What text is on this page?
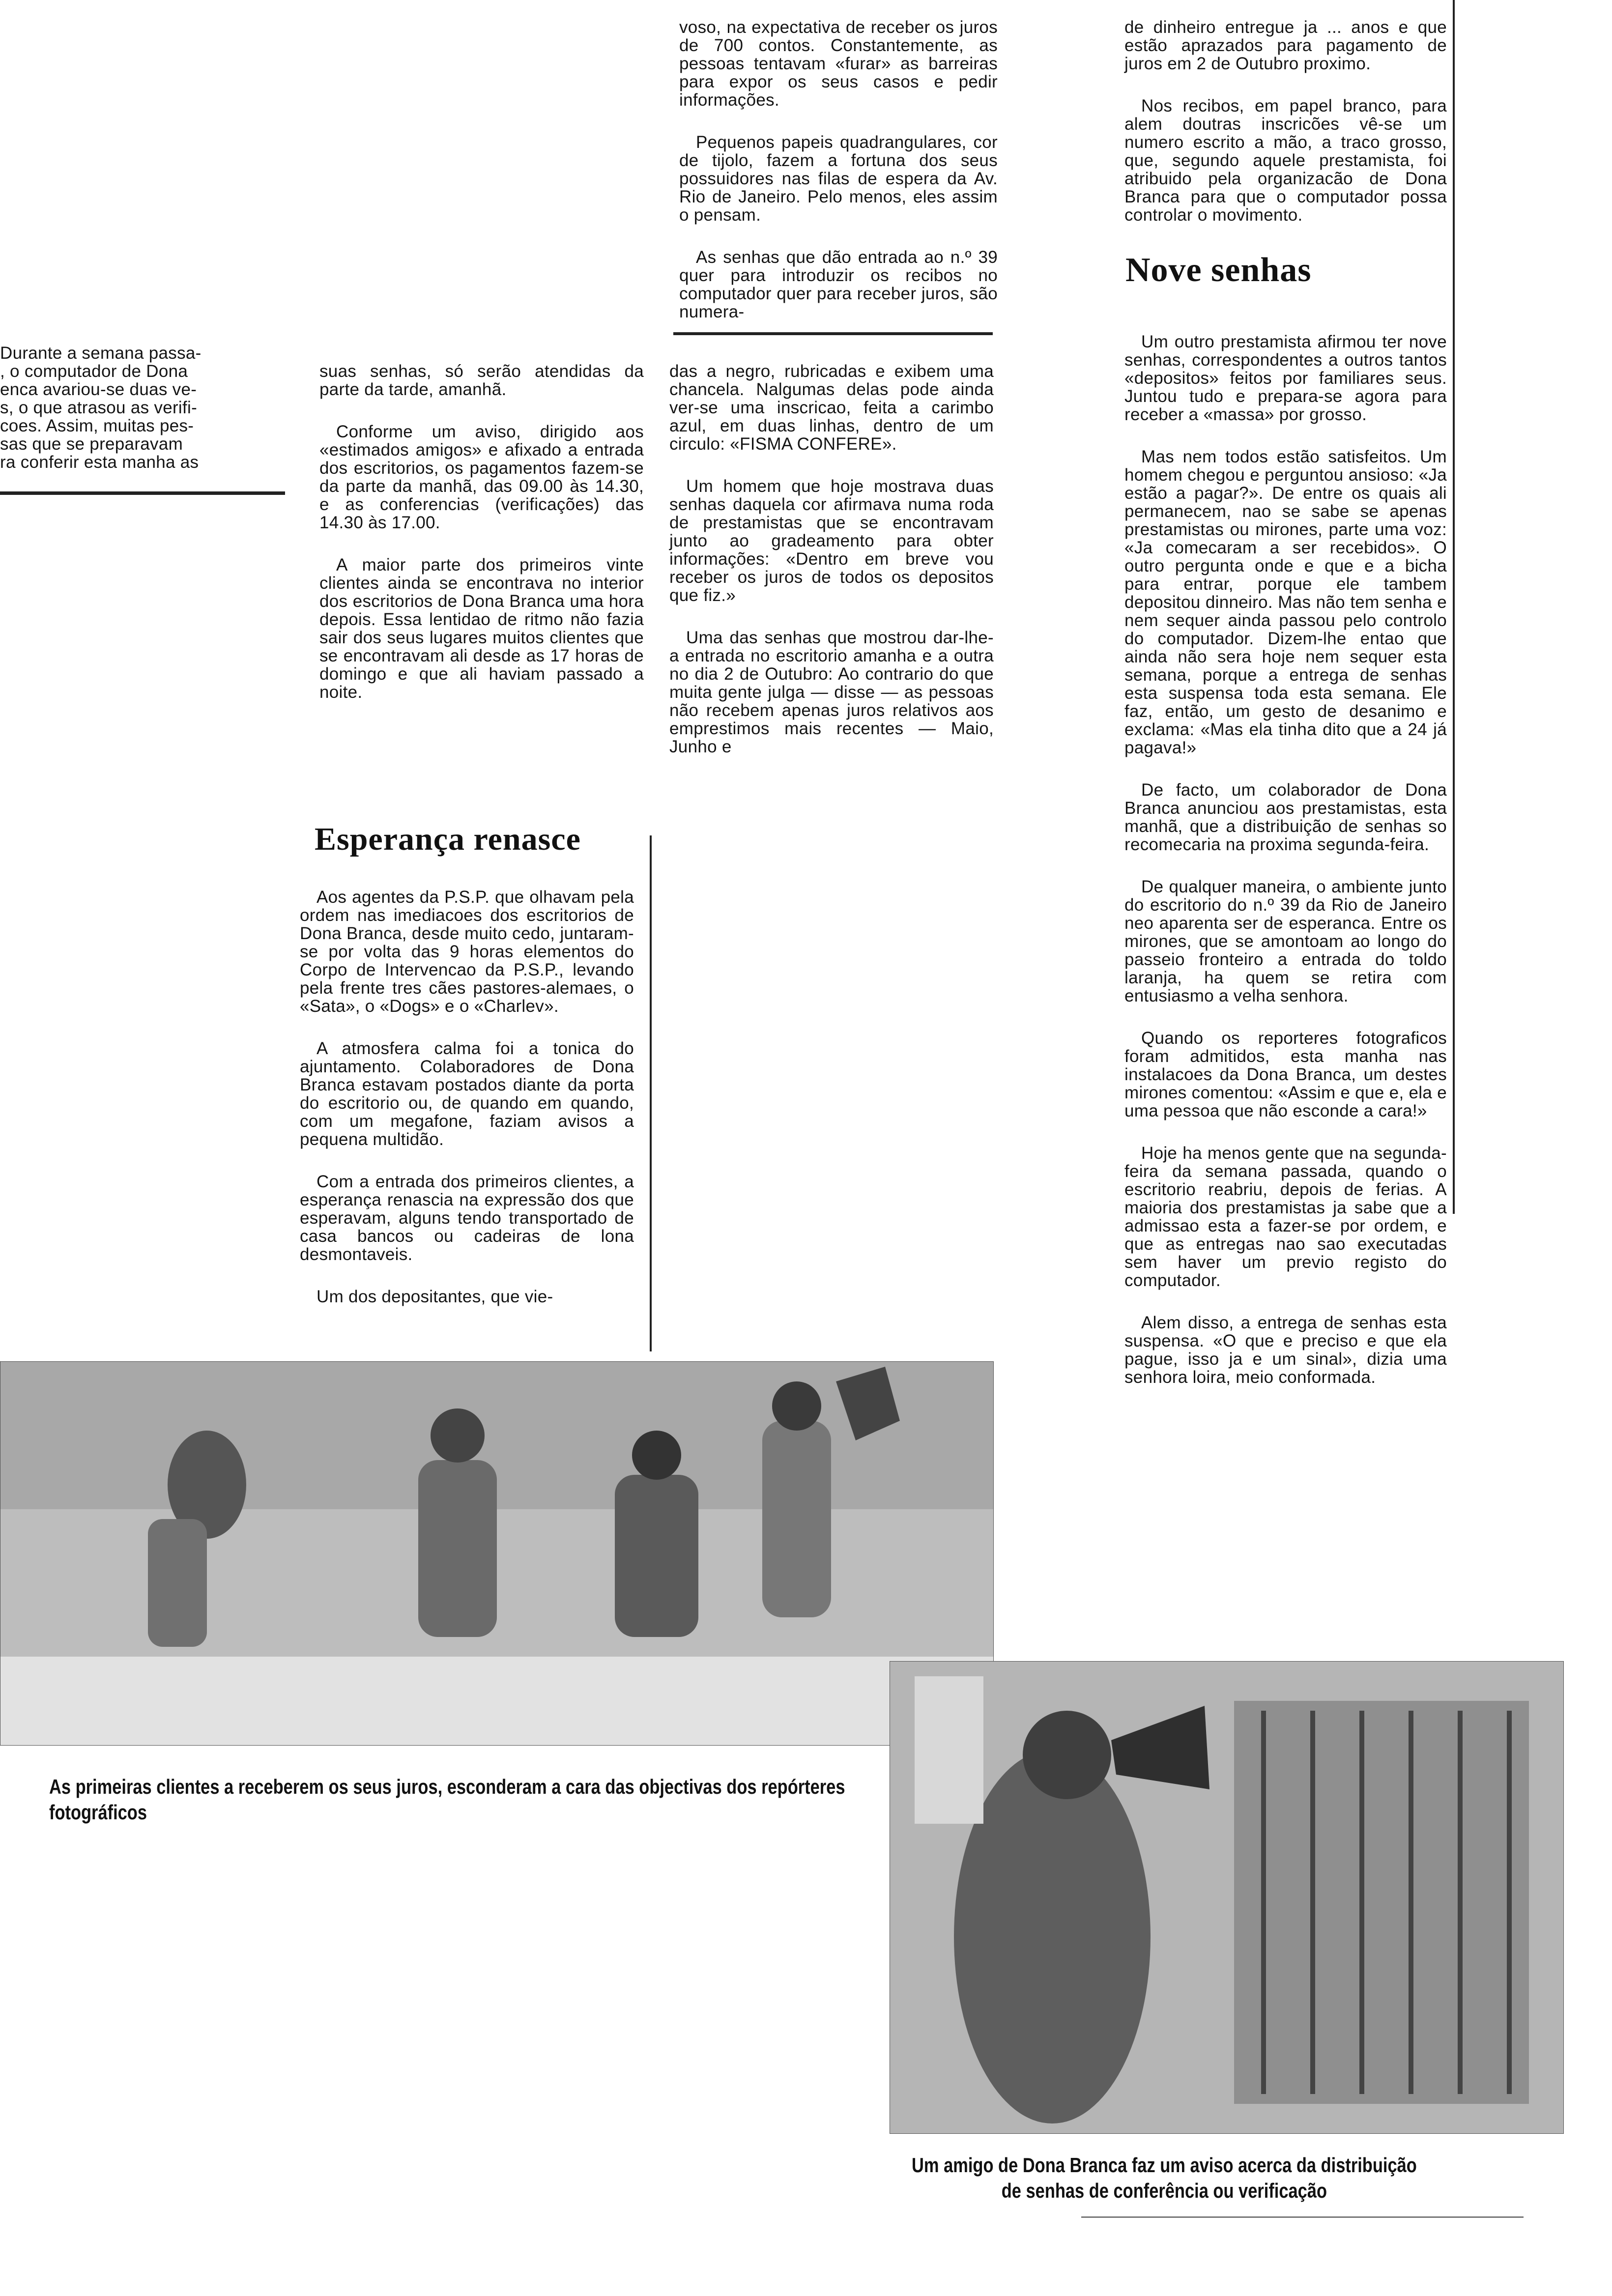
voso, na expectativa de receber os juros de 700 contos. Constantemente, as pessoas tentavam «furar» as barreiras para expor os seus casos e pedir informações.

Pequenos papeis quadrangulares, cor de tijolo, fazem a fortuna dos seus possuidores nas filas de espera da Av. Rio de Janeiro. Pelo menos, eles assim o pensam.

As senhas que dão entrada ao n.º 39 quer para introduzir os recibos no computador quer para receber juros, são numera-

de dinheiro entregue ja ... anos e que estão aprazados para pagamento de juros em 2 de Outubro proximo.

Nos recibos, em papel branco, para alem doutras inscricões vê-se um numero escrito a mão, a traco grosso, que, segundo aquele prestamista, foi atribuido pela organizacão de Dona Branca para que o computador possa controlar o movimento.

Nove senhas

Um outro prestamista afirmou ter nove senhas, correspondentes a outros tantos «depositos» feitos por familiares seus. Juntou tudo e prepara-se agora para receber a «massa» por grosso.

Mas nem todos estão satisfeitos. Um homem chegou e perguntou ansioso: «Ja estão a pagar?». De entre os quais ali permanecem, nao se sabe se apenas prestamistas ou mirones, parte uma voz: «Ja comecaram a ser recebidos». O outro pergunta onde e que e a bicha para entrar, porque ele tambem depositou dinneiro. Mas não tem senha e nem sequer ainda passou pelo controlo do computador. Dizem-lhe entao que ainda não sera hoje nem sequer esta semana, porque a entrega de senhas esta suspensa toda esta semana. Ele faz, então, um gesto de desanimo e exclama: «Mas ela tinha dito que a 24 já pagava!»

De facto, um colaborador de Dona Branca anunciou aos prestamistas, esta manhã, que a distribuição de senhas so recomecaria na proxima segunda-feira.

De qualquer maneira, o ambiente junto do escritorio do n.º 39 da Rio de Janeiro neo aparenta ser de esperanca. Entre os mirones, que se amontoam ao longo do passeio fronteiro a entrada do toldo laranja, ha quem se retira com entusiasmo a velha senhora.

Quando os reporteres fotograficos foram admitidos, esta manha nas instalacoes da Dona Branca, um destes mirones comentou: «Assim e que e, ela e uma pessoa que não esconde a cara!»

Hoje ha menos gente que na segunda-feira da semana passada, quando o escritorio reabriu, depois de ferias. A maioria dos prestamistas ja sabe que a admissao esta a fazer-se por ordem, e que as entregas nao sao executadas sem haver um previo registo do computador.

Alem disso, a entrega de senhas esta suspensa. «O que e preciso e que ela pague, isso ja e um sinal», dizia uma senhora loira, meio conformada.

Durante a semana passa-
, o computador de Dona
enca avariou-se duas ve-
s, o que atrasou as verifi-
coes. Assim, muitas pes-
sas que se preparavam
ra conferir esta manha as

suas senhas, só serão atendidas da parte da tarde, amanhã.

Conforme um aviso, dirigido aos «estimados amigos» e afixado a entrada dos escritorios, os pagamentos fazem-se da parte da manhã, das 09.00 às 14.30, e as conferencias (verificações) das 14.30 às 17.00.

A maior parte dos primeiros vinte clientes ainda se encontrava no interior dos escritorios de Dona Branca uma hora depois. Essa lentidao de ritmo não fazia sair dos seus lugares muitos clientes que se encontravam ali desde as 17 horas de domingo e que ali haviam passado a noite.

Esperança renasce

Aos agentes da P.S.P. que olhavam pela ordem nas imediacoes dos escritorios de Dona Branca, desde muito cedo, juntaram-se por volta das 9 horas elementos do Corpo de Intervencao da P.S.P., levando pela frente tres cães pastores-alemaes, o «Sata», o «Dogs» e o «Charlev».

A atmosfera calma foi a tonica do ajuntamento. Colaboradores de Dona Branca estavam postados diante da porta do escritorio ou, de quando em quando, com um megafone, faziam avisos a pequena multidão.

Com a entrada dos primeiros clientes, a esperança renascia na expressão dos que esperavam, alguns tendo transportado de casa bancos ou cadeiras de lona desmontaveis.

Um dos depositantes, que vie-

das a negro, rubricadas e exibem uma chancela. Nalgumas delas pode ainda ver-se uma inscricao, feita a carimbo azul, em duas linhas, dentro de um circulo: «FISMA CONFERE».

Um homem que hoje mostrava duas senhas daquela cor afirmava numa roda de prestamistas que se encontravam junto ao gradeamento para obter informações: «Dentro em breve vou receber os juros de todos os depositos que fiz.»

Uma das senhas que mostrou dar-lhe-a entrada no escritorio amanha e a outra no dia 2 de Outubro: Ao contrario do que muita gente julga — disse — as pessoas não recebem apenas juros relativos aos emprestimos mais recentes — Maio, Junho e

As primeiras clientes a receberem os seus juros, esconderam a cara das objectivas dos repórteres fotográficos
Um amigo de Dona Branca faz um aviso acerca da distribuição de senhas de conferência ou verificação
